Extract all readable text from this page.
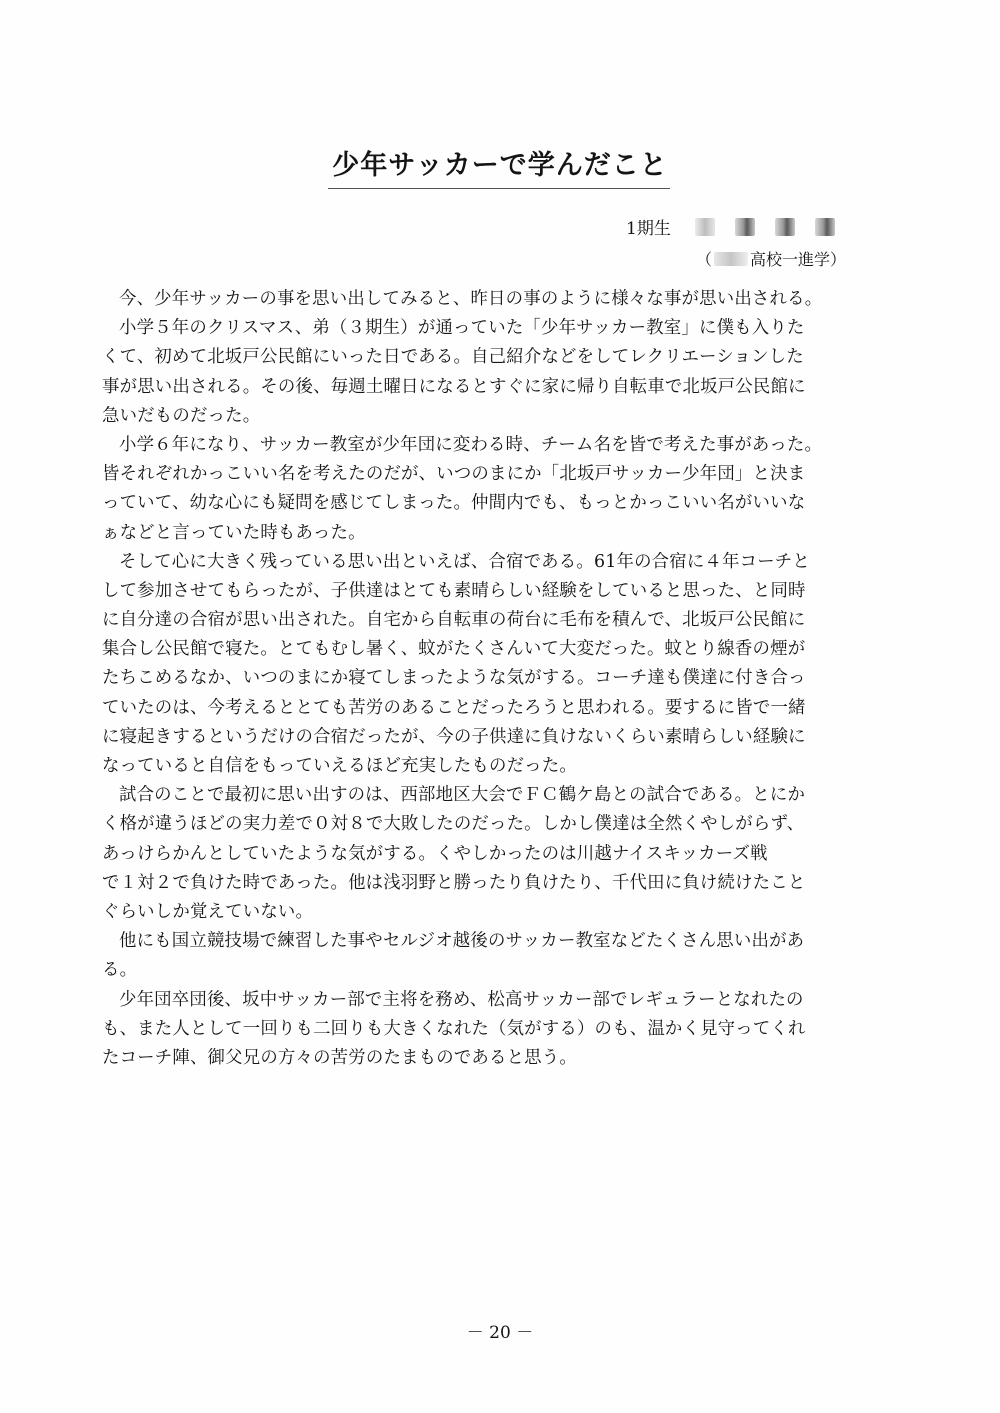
少年サッカーで学んだこと
1期生
（ 高校一進学 ）
今、少年サッカーの事を思い出してみると、昨日の事のように様々な事が思い出される。
小学５年のクリスマス、弟（３期生）が通っていた「少年サッカー教室」に僕も入りた
くて、初めて北坂戸公民館にいった日である。自己紹介などをしてレクリエーションした
事が思い出される。その後、毎週土曜日になるとすぐに家に帰り自転車で北坂戸公民館に
急いだものだった。
小学６年になり、サッカー教室が少年団に変わる時、チーム名を皆で考えた事があった。
皆それぞれかっこいい名を考えたのだが、いつのまにか「北坂戸サッカー少年団」と決ま
っていて、幼な心にも疑問を感じてしまった。仲間内でも、もっとかっこいい名がいいな
ぁなどと言っていた時もあった。
そして心に大きく残っている思い出といえば、合宿である。61年の合宿に４年コーチと
して参加させてもらったが、子供達はとても素晴らしい経験をしていると思った、と同時
に自分達の合宿が思い出された。自宅から自転車の荷台に毛布を積んで、北坂戸公民館に
集合し公民館で寝た。とてもむし暑く、蚊がたくさんいて大変だった。蚊とり線香の煙が
たちこめるなか、いつのまにか寝てしまったような気がする。コーチ達も僕達に付き合っ
ていたのは、今考えるととても苦労のあることだったろうと思われる。要するに皆で一緒
に寝起きするというだけの合宿だったが、今の子供達に負けないくらい素晴らしい経験に
なっていると自信をもっていえるほど充実したものだった。
試合のことで最初に思い出すのは、西部地区大会でＦＣ鶴ケ島との試合である。とにか
く格が違うほどの実力差で０対８で大敗したのだった。しかし僕達は全然くやしがらず、
あっけらかんとしていたような気がする。くやしかったのは川越ナイスキッカーズ戦
で１対２で負けた時であった。他は浅羽野と勝ったり負けたり、千代田に負け続けたこと
ぐらいしか覚えていない。
他にも国立競技場で練習した事やセルジオ越後のサッカー教室などたくさん思い出があ
る。
少年団卒団後、坂中サッカー部で主将を務め、松高サッカー部でレギュラーとなれたの
も、また人として一回りも二回りも大きくなれた（気がする）のも、温かく見守ってくれ
たコーチ陣、御父兄の方々の苦労のたまものであると思う。
－ 20 －
